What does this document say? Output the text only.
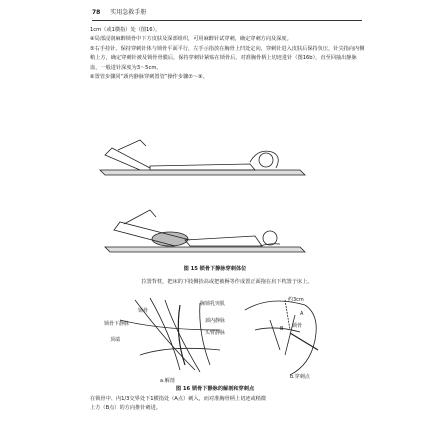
78 实用急救手册

1cm（或1横指）处（图16）。

④局部浸润麻醉锁骨中下方皮肤及深部组织，可用麻醉针试穿刺，确定穿刺方向及深度。

⑤右手持针，保持穿刺针体与锁骨平面平行，左手示指放在胸骨上凹处定向，穿刺针进入皮肤后保持负压，针尖指向内侧稍上方，确定穿刺针被及锁骨骨膜后，保持穿刺针紧贴在锁骨后，对准胸骨柄上切迹进针（图16b），直至回抽出静脉血，一般进针深度为3～5cm。

⑥置管步骤同“颈内静脉穿刺置管”操作步骤⑦～⑨。

图 15 锁骨下静脉穿刺体位
拉置背枕，把床的下肢侧抬高或把被褥等作成置正面拖在肩下枕置于床上。
胸锁乳突肌
锁骨
锁骨下静脉	颈内静脉
头臂静脉
顶端
a.解剖
约3cm
A
B 锁骨
b.穿刺点
图 16 锁骨下静脉的解剖和穿刺点

在锁骨中、内1/3交界处下1横指处（A点）刺入，而对准胸骨柄上切迹或稍微

上方（B点）的方向推针刺进。
